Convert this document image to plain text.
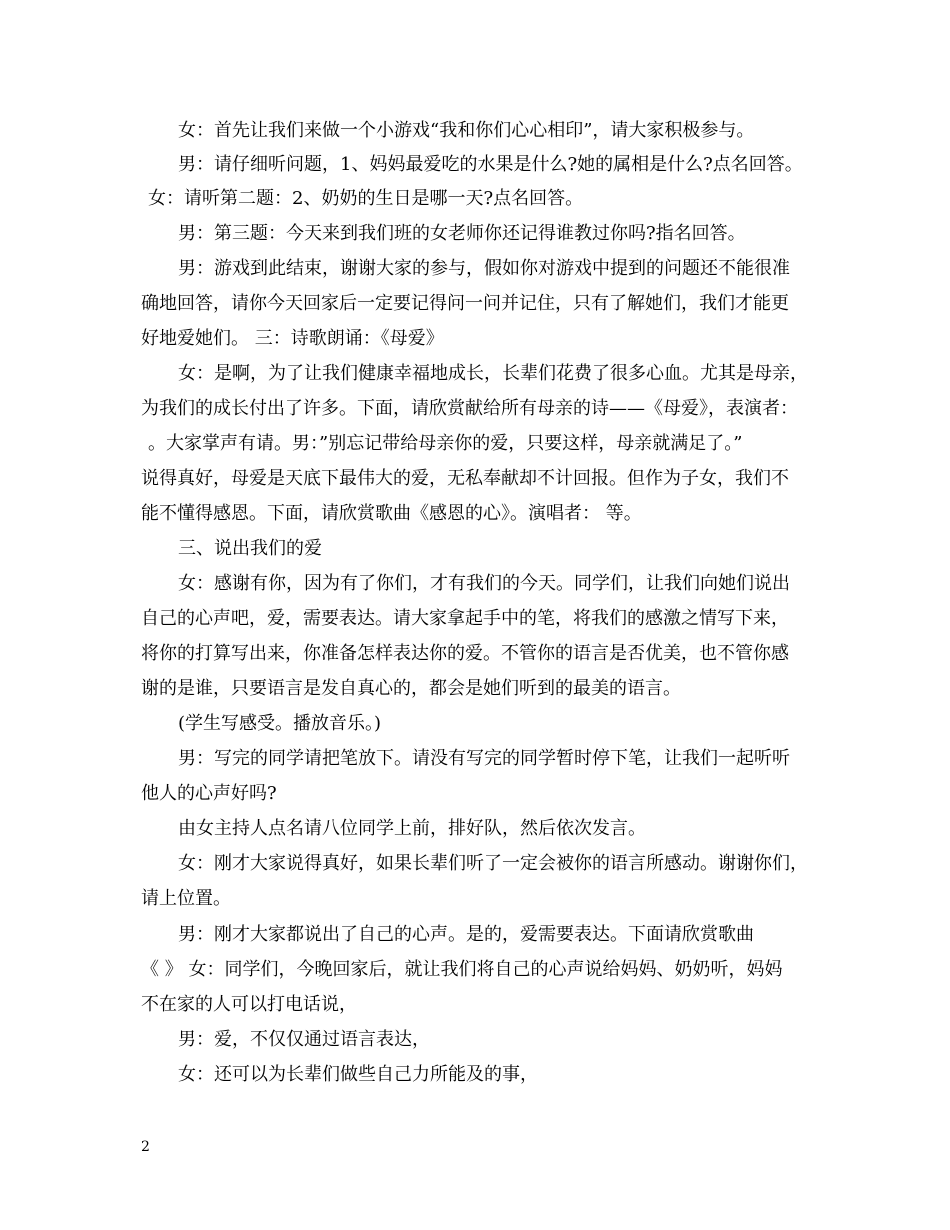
女：首先让我们来做一个小游戏“我和你们心心相印”，请大家积极参与。
男：请仔细听问题，1、妈妈最爱吃的水果是什么?她的属相是什么?点名回答。
女：请听第二题：2、奶奶的生日是哪一天?点名回答。
男：第三题：今天来到我们班的女老师你还记得谁教过你吗?指名回答。
男：游戏到此结束，谢谢大家的参与，假如你对游戏中提到的问题还不能很准
确地回答，请你今天回家后一定要记得问一问并记住，只有了解她们，我们才能更
好地爱她们。 三：诗歌朗诵：《母爱》
女：是啊，为了让我们健康幸福地成长，长辈们花费了很多心血。尤其是母亲，
为我们的成长付出了许多。下面，请欣赏献给所有母亲的诗——《母爱》，表演者：
。大家掌声有请。男：”别忘记带给母亲你的爱，只要这样，母亲就满足了。”
说得真好，母爱是天底下最伟大的爱，无私奉献却不计回报。但作为子女，我们不
能不懂得感恩。下面，请欣赏歌曲《感恩的心》。演唱者： 等。
三、说出我们的爱
女：感谢有你，因为有了你们，才有我们的今天。同学们，让我们向她们说出
自己的心声吧，爱，需要表达。请大家拿起手中的笔，将我们的感激之情写下来，
将你的打算写出来，你准备怎样表达你的爱。不管你的语言是否优美，也不管你感
谢的是谁，只要语言是发自真心的，都会是她们听到的最美的语言。
(学生写感受。播放音乐。)
男：写完的同学请把笔放下。请没有写完的同学暂时停下笔，让我们一起听听
他人的心声好吗?
由女主持人点名请八位同学上前，排好队，然后依次发言。
女：刚才大家说得真好，如果长辈们听了一定会被你的语言所感动。谢谢你们，
请上位置。
男：刚才大家都说出了自己的心声。是的，爱需要表达。下面请欣赏歌曲
《 》 女：同学们，今晚回家后，就让我们将自己的心声说给妈妈、奶奶听，妈妈
不在家的人可以打电话说，
男：爱，不仅仅通过语言表达，
女：还可以为长辈们做些自己力所能及的事，
2
